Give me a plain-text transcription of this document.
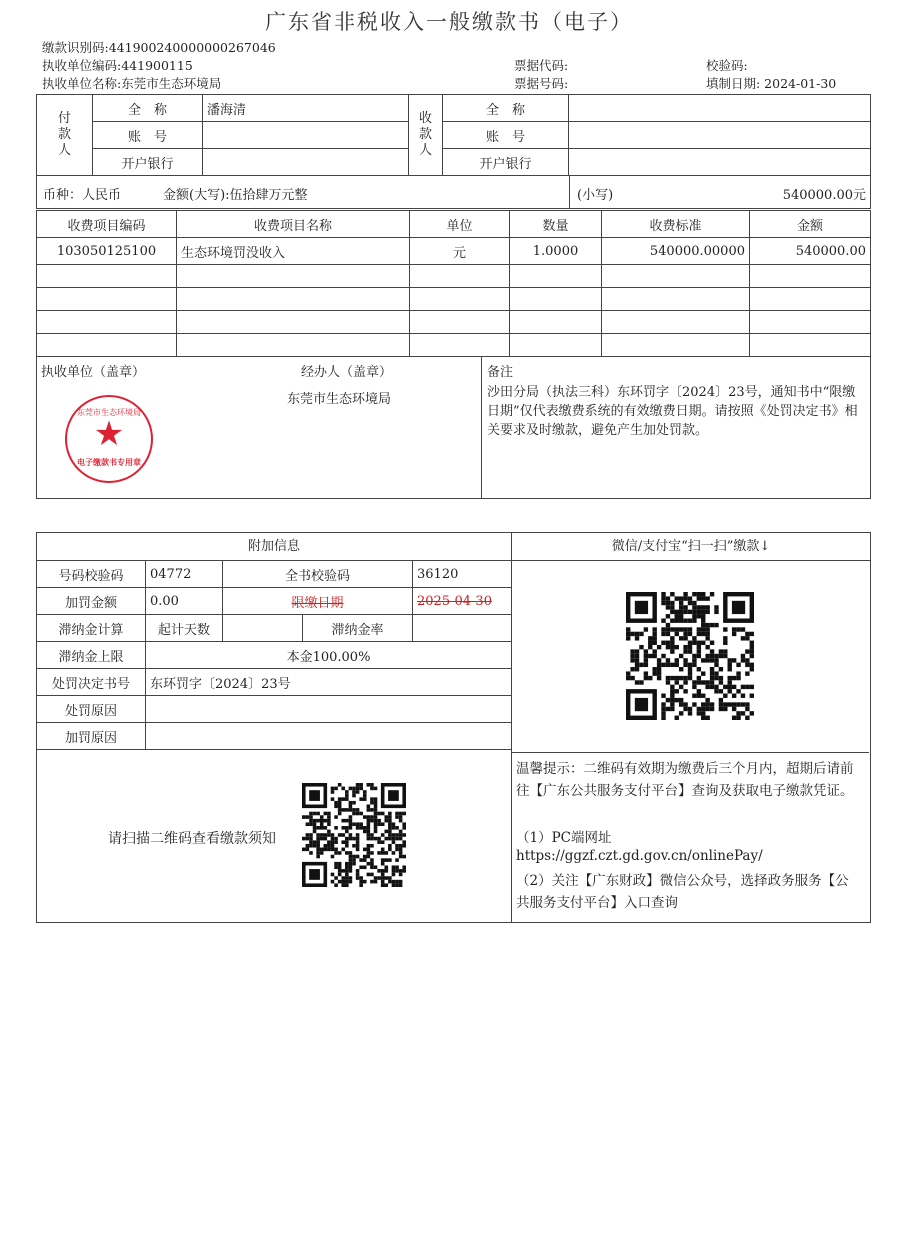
广东省非税收入一般缴款书（电子）
缴款识别码:441900240000000267046
执收单位编码:441900115
执收单位名称:东莞市生态环境局
票据代码:
票据号码:
校验码:
填制日期: 2024-01-30
付款人	全　称	潘海清	收款人	全　称	
	账　号			账　号	
	开户银行			开户银行	
币种：人民币	金额(大写):伍拾肆万元整	(小写)	540000.00元
收费项目编码	收费项目名称	单位	数量	收费标准	金额
103050125100	生态环境罚没收入	元	1.0000	540000.00000	540000.00

执收单位（盖章）	经办人（盖章）
东莞市生态环境局
东莞市生态环境局
★
电子缴款书专用章
备注
沙田分局（执法三科）东环罚字〔2024〕23号，通知书中“限缴日期”仅代表缴费系统的有效缴费日期。请按照《处罚决定书》相关要求及时缴款，避免产生加处罚款。
附加信息	微信/支付宝“扫一扫”缴款↓
号码校验码	04772	全书校验码		36120
加罚金额	0.00	限缴日期		2025-04-30
滞纳金计算	起计天数		滞纳金率	
滞纳金上限	本金100.00%			
处罚决定书号	东环罚字〔2024〕23号			
处罚原因				
加罚原因				
请扫描二维码查看缴款须知
温馨提示：二维码有效期为缴费后三个月内，超期后请前往【广东公共服务支付平台】查询及获取电子缴款凭证。
（1）PC端网址
https://ggzf.czt.gd.gov.cn/onlinePay/
（2）关注【广东财政】微信公众号，选择政务服务【公共服务支付平台】入口查询
